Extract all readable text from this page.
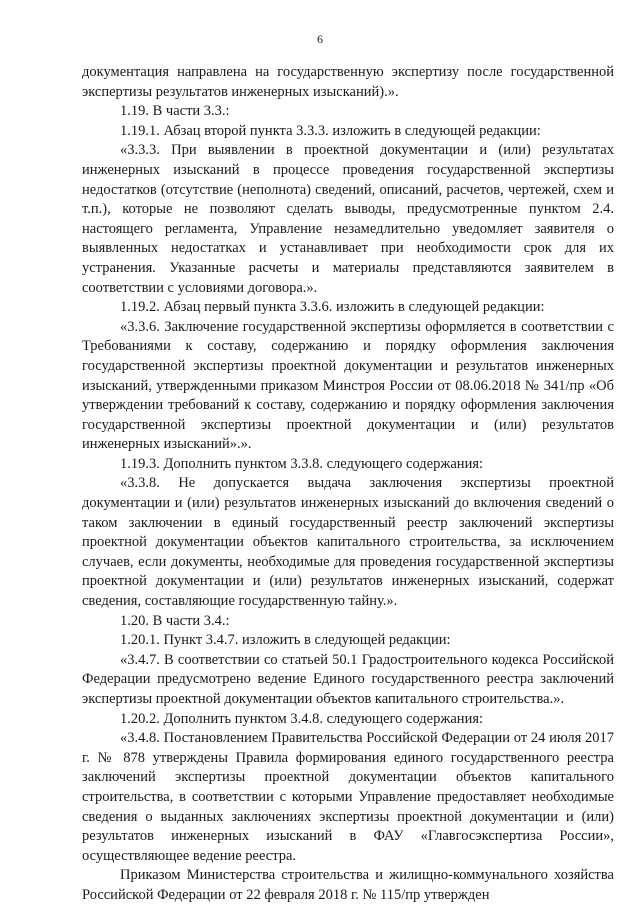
6

документация направлена на государственную экспертизу после государственной экспертизы результатов инженерных изысканий).».

1.19. В части 3.3.:

1.19.1. Абзац второй пункта 3.3.3. изложить в следующей редакции:

«3.3.3. При выявлении в проектной документации и (или) результатах инженерных изысканий в процессе проведения государственной экспертизы недостатков (отсутствие (неполнота) сведений, описаний, расчетов, чертежей, схем и т.п.), которые не позволяют сделать выводы, предусмотренные пунктом 2.4. настоящего регламента, Управление незамедлительно уведомляет заявителя о выявленных недостатках и устанавливает при необходимости срок для их устранения. Указанные расчеты и материалы представляются заявителем в соответствии с условиями договора.».

1.19.2. Абзац первый пункта 3.3.6. изложить в следующей редакции:

«3.3.6. Заключение государственной экспертизы оформляется в соответствии с Требованиями к составу, содержанию и порядку оформления заключения государственной экспертизы проектной документации и результатов инженерных изысканий, утвержденными приказом Минстроя России от 08.06.2018 № 341/пр «Об утверждении требований к составу, содержанию и порядку оформления заключения государственной экспертизы проектной документации и (или) результатов инженерных изысканий».».

1.19.3. Дополнить пунктом 3.3.8. следующего содержания:

«3.3.8. Не допускается выдача заключения экспертизы проектной документации и (или) результатов инженерных изысканий до включения сведений о таком заключении в единый государственный реестр заключений экспертизы проектной документации объектов капитального строительства, за исключением случаев, если документы, необходимые для проведения государственной экспертизы проектной документации и (или) результатов инженерных изысканий, содержат сведения, составляющие государственную тайну.».

1.20. В части 3.4.:

1.20.1. Пункт 3.4.7. изложить в следующей редакции:

«3.4.7. В соответствии со статьей 50.1 Градостроительного кодекса Российской Федерации предусмотрено ведение Единого государственного реестра заключений экспертизы проектной документации объектов капитального строительства.».

1.20.2. Дополнить пунктом 3.4.8. следующего содержания:

«3.4.8. Постановлением Правительства Российской Федерации от 24 июля 2017 г. № 878 утверждены Правила формирования единого государственного реестра заключений экспертизы проектной документации объектов капитального строительства, в соответствии с которыми Управление предоставляет необходимые сведения о выданных заключениях экспертизы проектной документации и (или) результатов инженерных изысканий в ФАУ «Главгосэкспертиза России», осуществляющее ведение реестра.

Приказом Министерства строительства и жилищно-коммунального хозяйства Российской Федерации от 22 февраля 2018 г. № 115/пр утвержден
